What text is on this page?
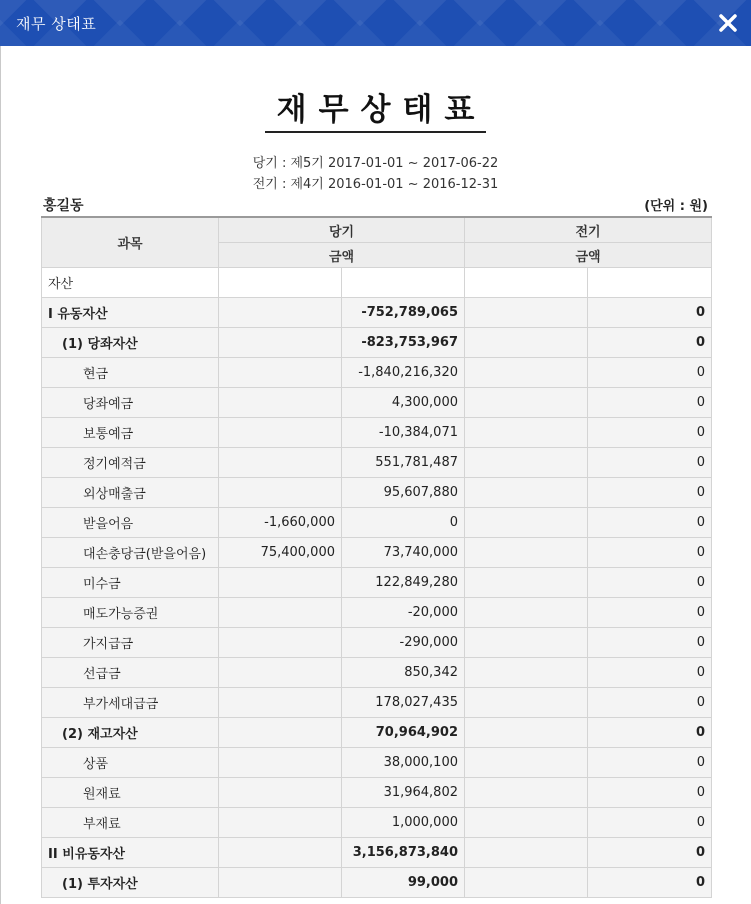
재무 상태표
재무상태표
당기 : 제5기 2017-01-01 ~ 2017-06-22
전기 : 제4기 2016-01-01 ~ 2016-12-31
홍길동	(단위 : 원)
과목	당기		전기	
	금액		금액	
자산				
I 유동자산		-752,789,065		0
(1) 당좌자산		-823,753,967		0
현금		-1,840,216,320		0
당좌예금		4,300,000		0
보통예금		-10,384,071		0
정기예적금		551,781,487		0
외상매출금		95,607,880		0
받을어음	-1,660,000	0		0
대손충당금(받을어음)	75,400,000	73,740,000		0
미수금		122,849,280		0
매도가능증권		-20,000		0
가지급금		-290,000		0
선급금		850,342		0
부가세대급금		178,027,435		0
(2) 재고자산		70,964,902		0
상품		38,000,100		0
원재료		31,964,802		0
부재료		1,000,000		0
II 비유동자산		3,156,873,840		0
(1) 투자자산		99,000		0
